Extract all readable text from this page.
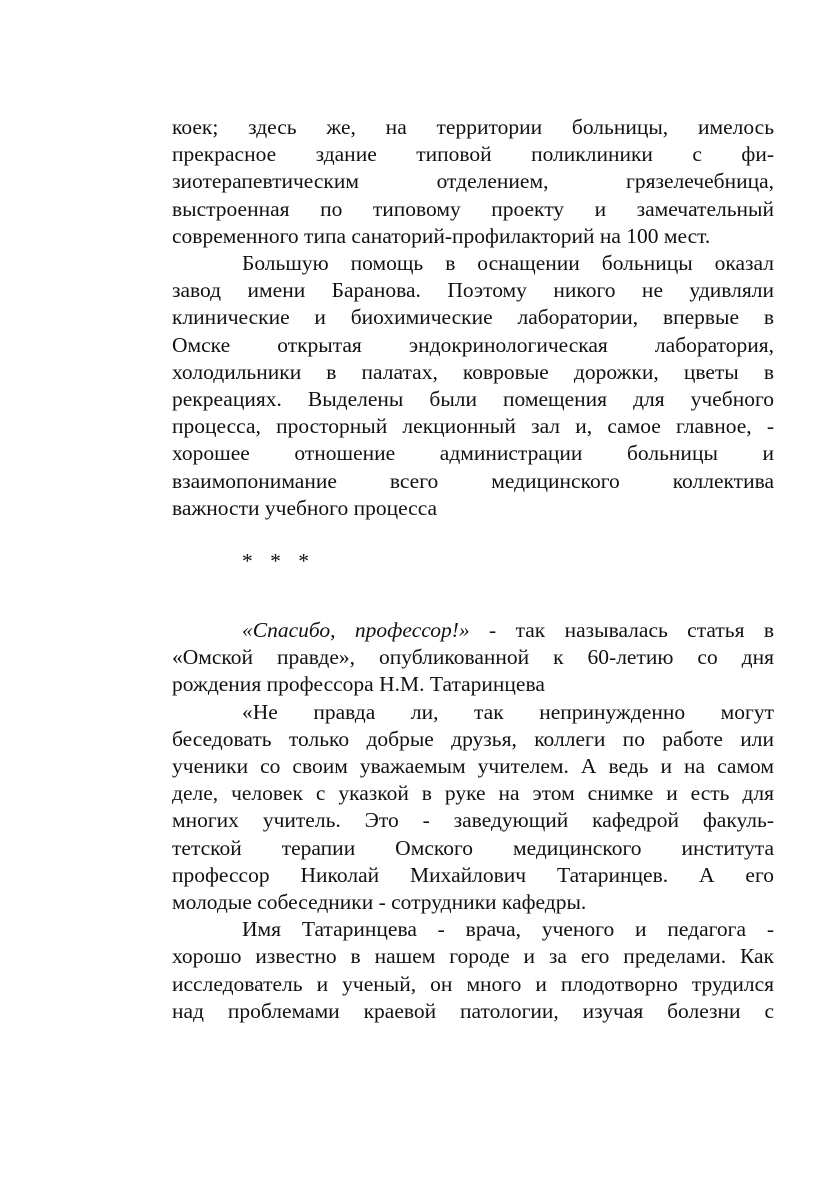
коек; здесь же, на территории больницы, имелось

прекрасное здание типовой поликлиники с фи-

зиотерапевтическим отделением, грязелечебница,

выстроенная по типовому проекту и замечательный

современного типа санаторий-профилакторий на 100 мест.

Большую помощь в оснащении больницы оказал

завод имени Баранова. Поэтому никого не удивляли

клинические и биохимические лаборатории, впервые в

Омске открытая эндокринологическая лаборатория,

холодильники в палатах, ковровые дорожки, цветы в

рекреациях. Выделены были помещения для учебного

процесса, просторный лекционный зал и, самое главное, -

хорошее отношение администрации больницы и

взаимопонимание всего медицинского коллектива

важности учебного процесса

* * *

«Спасибо, профессор!» - так называлась статья в

«Омской правде», опубликованной к 60-летию со дня

рождения профессора Н.М. Татаринцева

«Не правда ли, так непринужденно могут

беседовать только добрые друзья, коллеги по работе или

ученики со своим уважаемым учителем. А ведь и на самом

деле, человек с указкой в руке на этом снимке и есть для

многих учитель. Это - заведующий кафедрой факуль-

тетской терапии Омского медицинского института

профессор Николай Михайлович Татаринцев. А его

молодые собеседники - сотрудники кафедры.

Имя Татаринцева - врача, ученого и педагога -

хорошо известно в нашем городе и за его пределами. Как

исследователь и ученый, он много и плодотворно трудился

над проблемами краевой патологии, изучая болезни с
